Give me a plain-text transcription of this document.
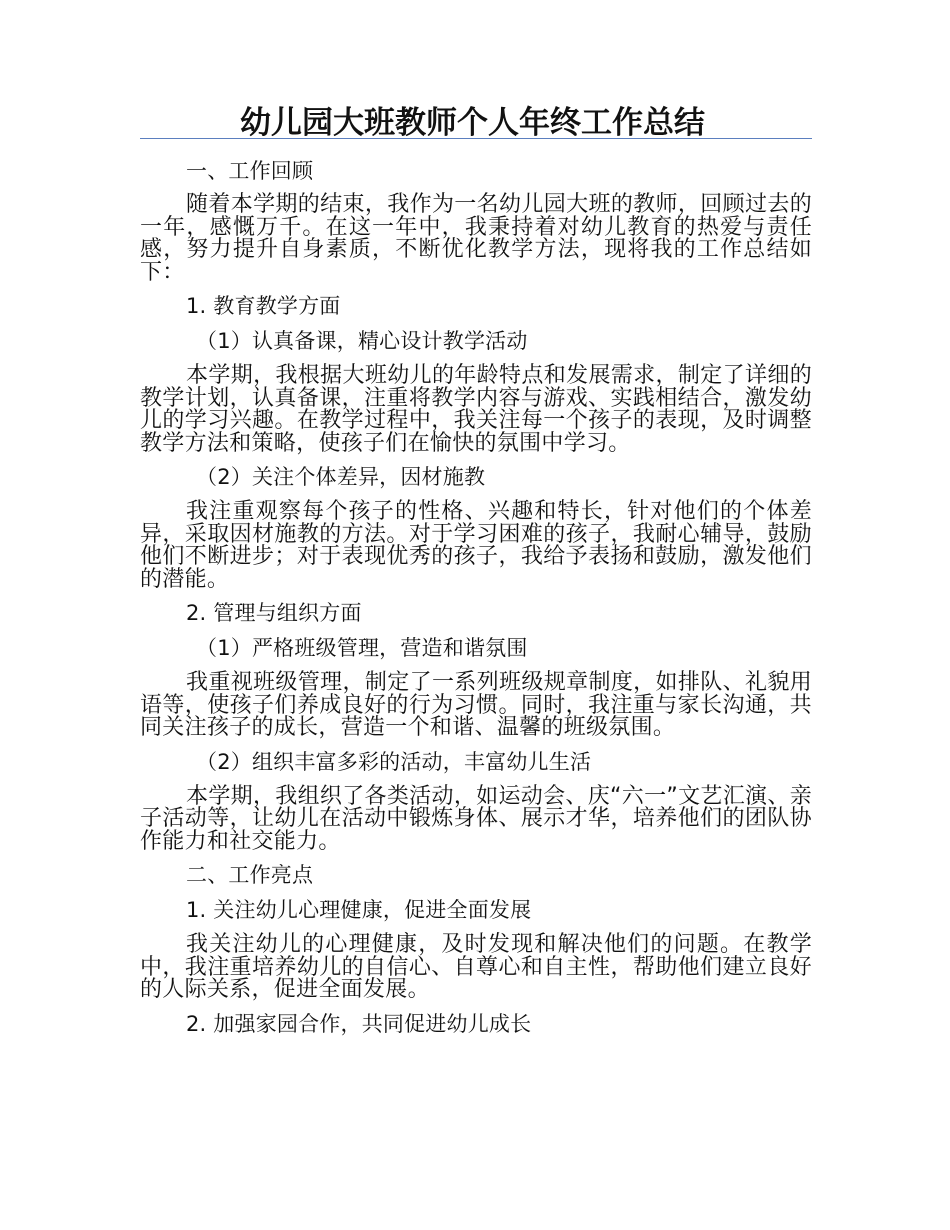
幼儿园大班教师个人年终工作总结
一、工作回顾
随着本学期的结束，我作为一名幼儿园大班的教师，回顾过去的一年，感慨万千。在这一年中，我秉持着对幼儿教育的热爱与责任感，努力提升自身素质，不断优化教学方法，现将我的工作总结如下：
1. 教育教学方面
（1）认真备课，精心设计教学活动
本学期，我根据大班幼儿的年龄特点和发展需求，制定了详细的教学计划，认真备课，注重将教学内容与游戏、实践相结合，激发幼儿的学习兴趣。在教学过程中，我关注每一个孩子的表现，及时调整教学方法和策略，使孩子们在愉快的氛围中学习。
（2）关注个体差异，因材施教
我注重观察每个孩子的性格、兴趣和特长，针对他们的个体差异，采取因材施教的方法。对于学习困难的孩子，我耐心辅导，鼓励他们不断进步；对于表现优秀的孩子，我给予表扬和鼓励，激发他们的潜能。
2. 管理与组织方面
（1）严格班级管理，营造和谐氛围
我重视班级管理，制定了一系列班级规章制度，如排队、礼貌用语等，使孩子们养成良好的行为习惯。同时，我注重与家长沟通，共同关注孩子的成长，营造一个和谐、温馨的班级氛围。
（2）组织丰富多彩的活动，丰富幼儿生活
本学期，我组织了各类活动，如运动会、庆“六一”文艺汇演、亲子活动等，让幼儿在活动中锻炼身体、展示才华，培养他们的团队协作能力和社交能力。
二、工作亮点
1. 关注幼儿心理健康，促进全面发展
我关注幼儿的心理健康，及时发现和解决他们的问题。在教学中，我注重培养幼儿的自信心、自尊心和自主性，帮助他们建立良好的人际关系，促进全面发展。
2. 加强家园合作，共同促进幼儿成长
